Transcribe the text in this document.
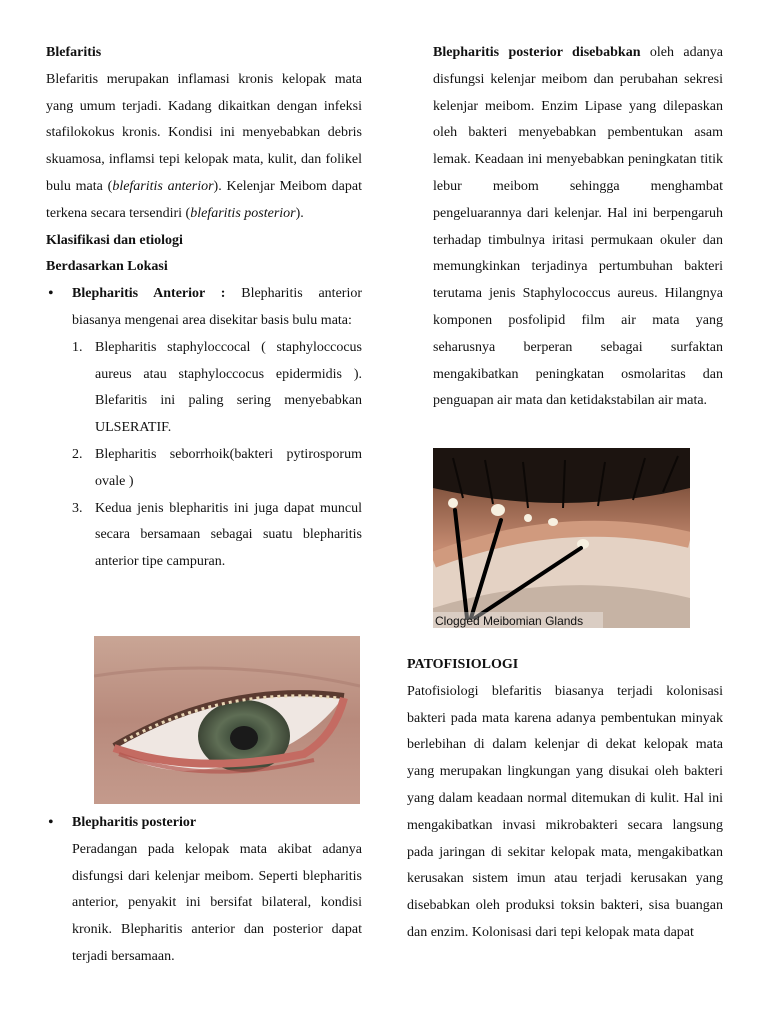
Blefaritis

Blefaritis merupakan inflamasi kronis kelopak mata yang umum terjadi. Kadang dikaitkan dengan infeksi stafilokokus kronis. Kondisi ini menyebabkan debris skuamosa, inflamsi tepi kelopak mata, kulit, dan folikel bulu mata (blefaritis anterior). Kelenjar Meibom dapat terkena secara tersendiri (blefaritis posterior).

Klasifikasi dan etiologi
Berdasarkan Lokasi

• Blepharitis Anterior : Blepharitis anterior biasanya mengenai area disekitar basis bulu mata:

1. Blepharitis staphyloccocal ( staphyloccocus aureus atau staphyloccocus epidermidis ). Blefaritis ini paling sering menyebabkan ULSERATIF.
2. Blepharitis seborrhoik(bakteri pytirosporum ovale )
3. Kedua jenis blepharitis ini juga dapat muncul secara bersamaan sebagai suatu blepharitis anterior tipe campuran.
• Blepharitis posterior

Peradangan pada kelopak mata akibat adanya disfungsi dari kelenjar meibom. Seperti blepharitis anterior, penyakit ini bersifat bilateral, kondisi kronik. Blepharitis anterior dan posterior dapat terjadi bersamaan.

Blepharitis posterior disebabkan oleh adanya disfungsi kelenjar meibom dan perubahan sekresi kelenjar meibom. Enzim Lipase yang dilepaskan oleh bakteri menyebabkan pembentukan asam lemak. Keadaan ini menyebabkan peningkatan titik lebur meibom sehingga menghambat pengeluarannya dari kelenjar. Hal ini berpengaruh terhadap timbulnya iritasi permukaan okuler dan memungkinkan terjadinya pertumbuhan bakteri terutama jenis Staphylococcus aureus. Hilangnya komponen posfolipid film air mata yang seharusnya berperan sebagai surfaktan mengakibatkan peningkatan osmolaritas dan penguapan air mata dan ketidakstabilan air mata.

Clogged Meibomian Glands
PATOFISIOLOGI

Patofisiologi blefaritis biasanya terjadi kolonisasi bakteri pada mata karena adanya pembentukan minyak berlebihan di dalam kelenjar di dekat kelopak mata yang merupakan lingkungan yang disukai oleh bakteri yang dalam keadaan normal ditemukan di kulit. Hal ini mengakibatkan invasi mikrobakteri secara langsung pada jaringan di sekitar kelopak mata, mengakibatkan kerusakan sistem imun atau terjadi kerusakan yang disebabkan oleh produksi toksin bakteri, sisa buangan dan enzim. Kolonisasi dari tepi kelopak mata dapat
